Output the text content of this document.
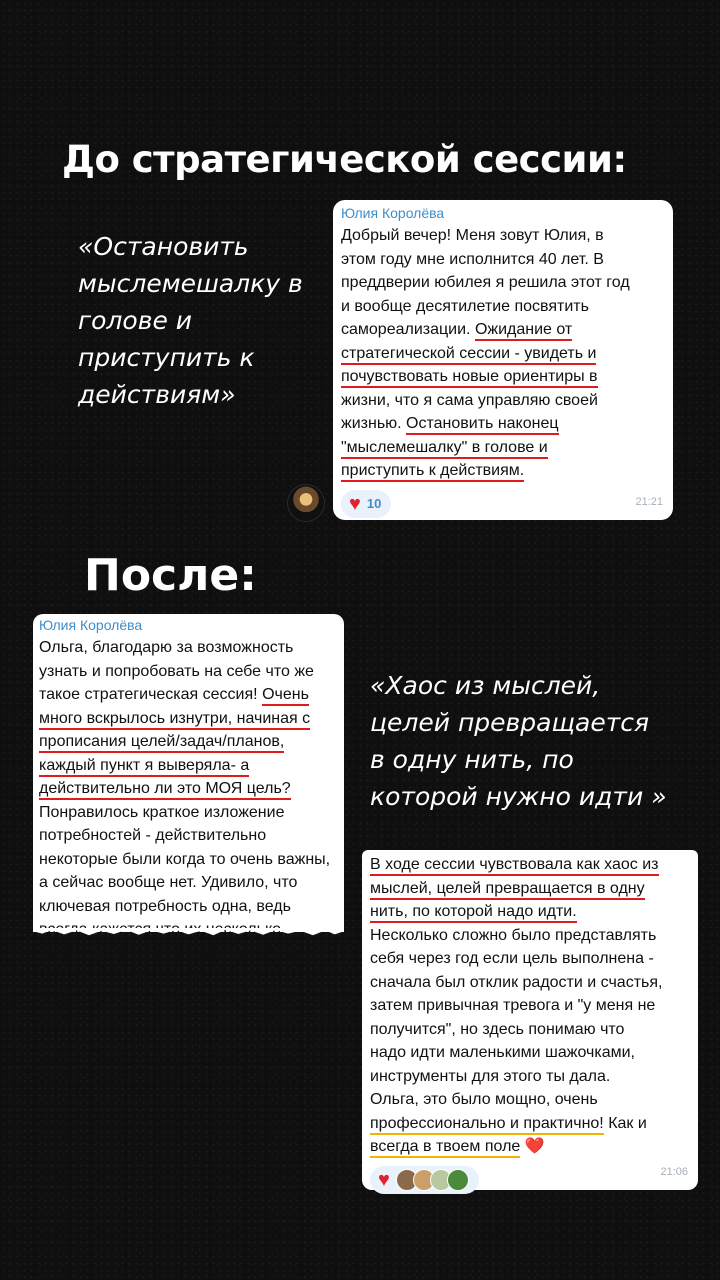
До стратегической сессии:
«Остановить
мыслемешалку в
голове и
приступить к
действиям»
Юлия Королёва
Добрый вечер! Меня зовут Юлия, в
этом году мне исполнится 40 лет. В
преддверии юбилея я решила этот год
и вообще десятилетие посвятить
самореализации. Ожидание от
стратегической сессии - увидеть и
почувствовать новые ориентиры в
жизни, что я сама управляю своей
жизнью. Остановить наконец
"мыслемешалку" в голове и
приступить к действиям.
♥ 10	21:21
После:
Юлия Королёва
Ольга, благодарю за возможность
узнать и попробовать на себе что же
такое стратегическая сессия! Очень
много вскрылось изнутри, начиная с
прописания целей/задач/планов,
каждый пункт я выверяла- а
действительно ли это МОЯ цель?
Понравилось краткое изложение
потребностей - действительно
некоторые были когда то очень важны,
а сейчас вообще нет. Удивило, что
ключевая потребность одна, ведь
Поразмыслив, я согласилась с этим.
«Хаос из мыслей,
целей превращается
в одну нить, по
которой нужно идти »
В ходе сессии чувствовала как хаос из
мыслей, целей превращается в одну
нить, по которой надо идти.
Несколько сложно было представлять
себя через год если цель выполнена -
сначала был отклик радости и счастья,
затем привычная тревога и "у меня не
получится", но здесь понимаю что
надо идти маленькими шажочками,
инструменты для этого ты дала.
Ольга, это было мощно, очень
профессионально и практично! Как и
всегда в твоем поле ❤️
♥	21:06
